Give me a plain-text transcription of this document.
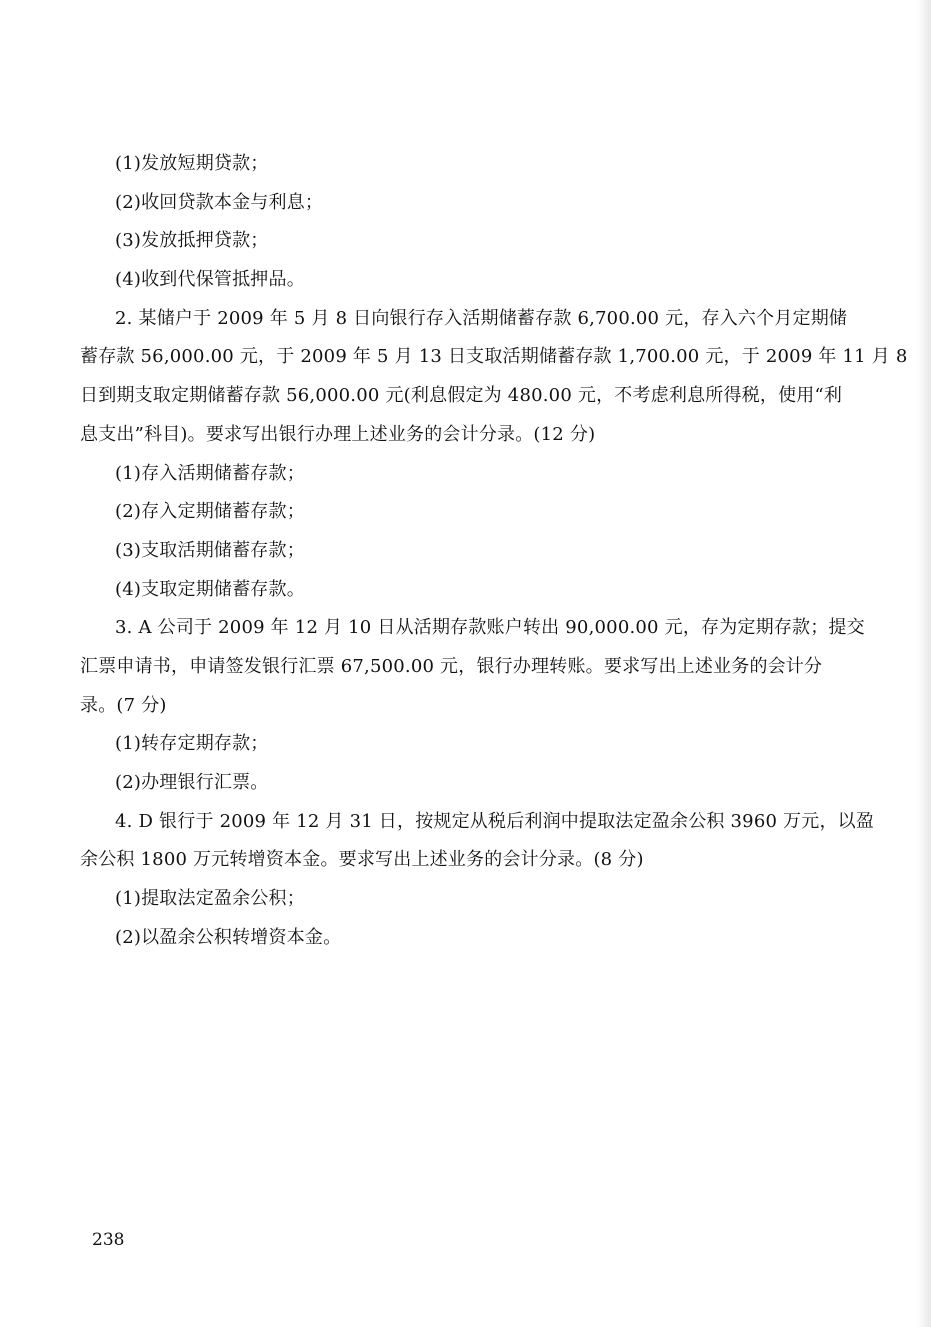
(1)发放短期贷款；
(2)收回贷款本金与利息；
(3)发放抵押贷款；
(4)收到代保管抵押品。
2. 某储户于 2009 年 5 月 8 日向银行存入活期储蓄存款 6,700.00 元，存入六个月定期储
蓄存款 56,000.00 元，于 2009 年 5 月 13 日支取活期储蓄存款 1,700.00 元，于 2009 年 11 月 8
日到期支取定期储蓄存款 56,000.00 元(利息假定为 480.00 元，不考虑利息所得税，使用“利
息支出”科目)。要求写出银行办理上述业务的会计分录。(12 分)
(1)存入活期储蓄存款；
(2)存入定期储蓄存款；
(3)支取活期储蓄存款；
(4)支取定期储蓄存款。
3. A 公司于 2009 年 12 月 10 日从活期存款账户转出 90,000.00 元，存为定期存款；提交
汇票申请书，申请签发银行汇票 67,500.00 元，银行办理转账。要求写出上述业务的会计分
录。(7 分)
(1)转存定期存款；
(2)办理银行汇票。
4. D 银行于 2009 年 12 月 31 日，按规定从税后利润中提取法定盈余公积 3960 万元，以盈
余公积 1800 万元转增资本金。要求写出上述业务的会计分录。(8 分)
(1)提取法定盈余公积；
(2)以盈余公积转增资本金。
238
